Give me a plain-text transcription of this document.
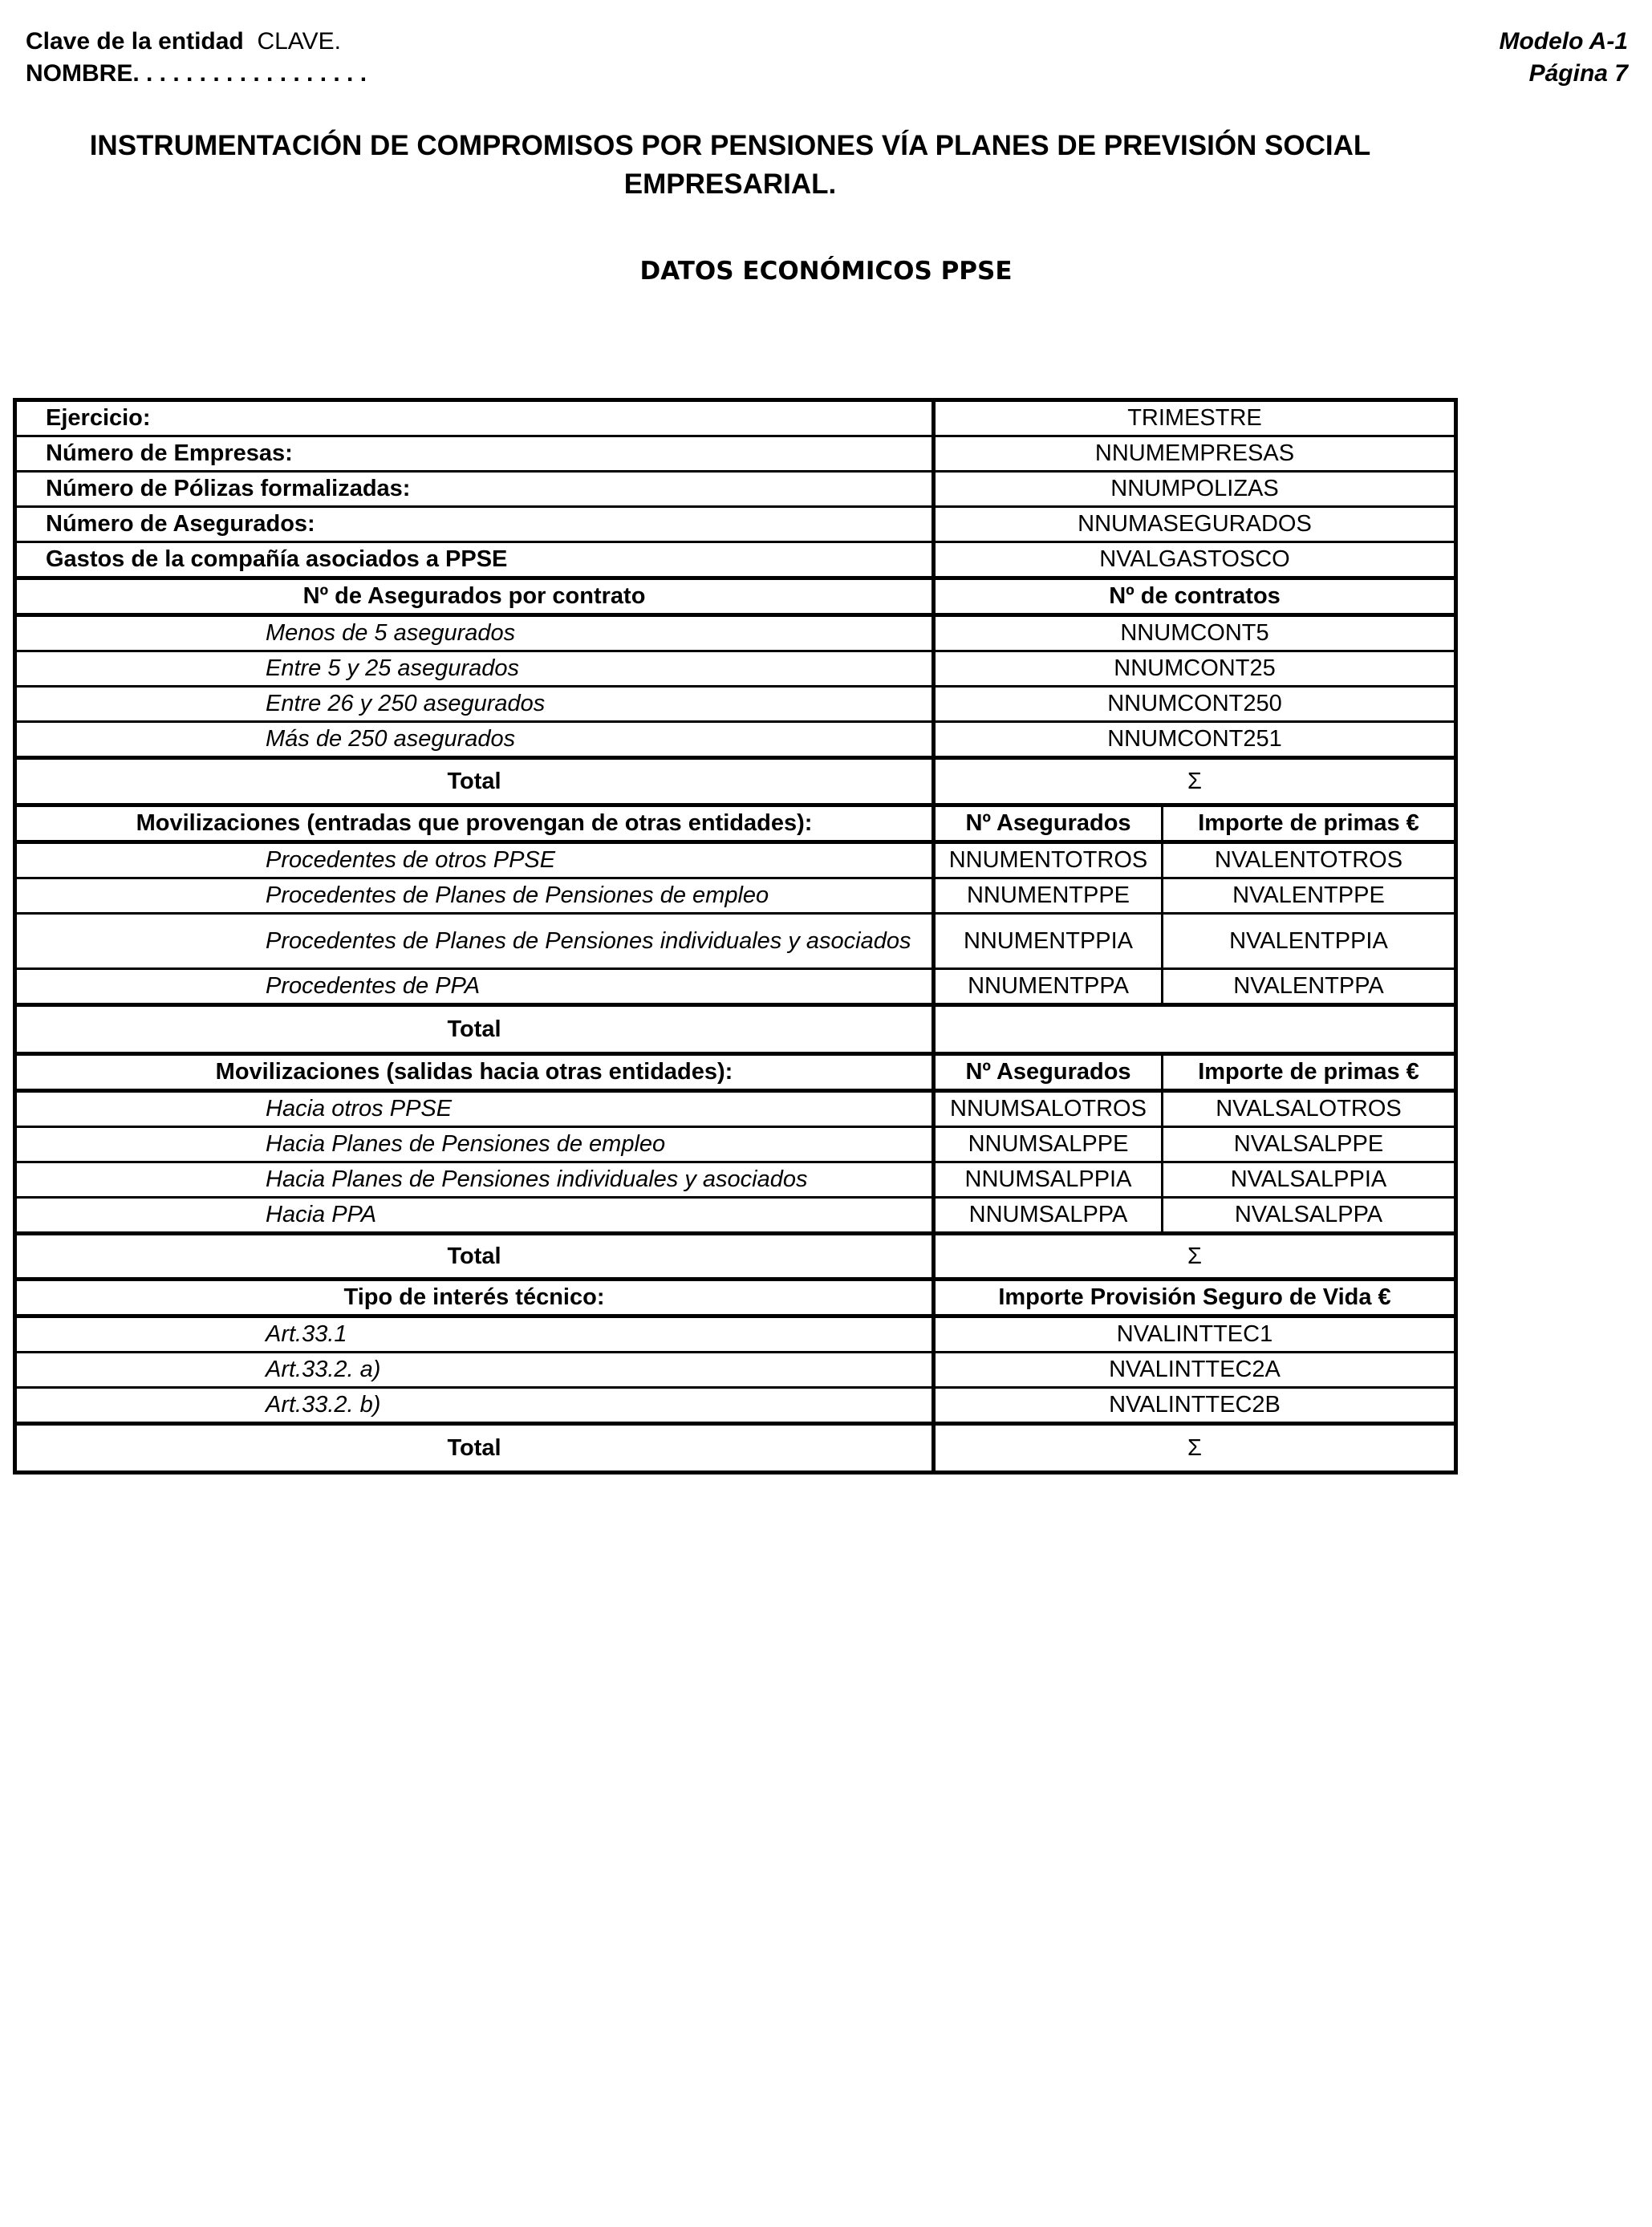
Clave de la entidad CLAVE.
NOMBRE. . . . . . . . . . . . . . . . . .
Modelo A-1
Página 7
INSTRUMENTACIÓN DE COMPROMISOS POR PENSIONES VÍA PLANES DE PREVISIÓN SOCIAL
EMPRESARIAL.
DATOS ECONÓMICOS PPSE
Ejercicio:	TRIMESTRE	
Número de Empresas:	NNUMEMPRESAS	
Número de Pólizas formalizadas:	NNUMPOLIZAS	
Número de Asegurados:	NNUMASEGURADOS	
Gastos de la compañía asociados a PPSE	NVALGASTOSCO	
Nº de Asegurados por contrato	Nº de contratos	
Menos de 5 asegurados	NNUMCONT5	
Entre 5 y 25 asegurados	NNUMCONT25	
Entre 26 y 250 asegurados	NNUMCONT250	
Más de 250 asegurados	NNUMCONT251	
Total	Σ	
Movilizaciones (entradas que provengan de otras entidades):	Nº Asegurados	Importe de primas €
Procedentes de otros PPSE	NNUMENTOTROS	NVALENTOTROS
Procedentes de Planes de Pensiones de empleo	NNUMENTPPE	NVALENTPPE
Procedentes de Planes de Pensiones individuales y asociados	NNUMENTPPIA	NVALENTPPIA
Procedentes de PPA	NNUMENTPPA	NVALENTPPA
Total		
Movilizaciones (salidas hacia otras entidades):	Nº Asegurados	Importe de primas €
Hacia otros PPSE	NNUMSALOTROS	NVALSALOTROS
Hacia Planes de Pensiones de empleo	NNUMSALPPE	NVALSALPPE
Hacia Planes de Pensiones individuales y asociados	NNUMSALPPIA	NVALSALPPIA
Hacia PPA	NNUMSALPPA	NVALSALPPA
Total	Σ	
Tipo de interés técnico:	Importe Provisión Seguro de Vida €	
Art.33.1	NVALINTTEC1	
Art.33.2. a)	NVALINTTEC2A	
Art.33.2. b)	NVALINTTEC2B	
Total	Σ	
